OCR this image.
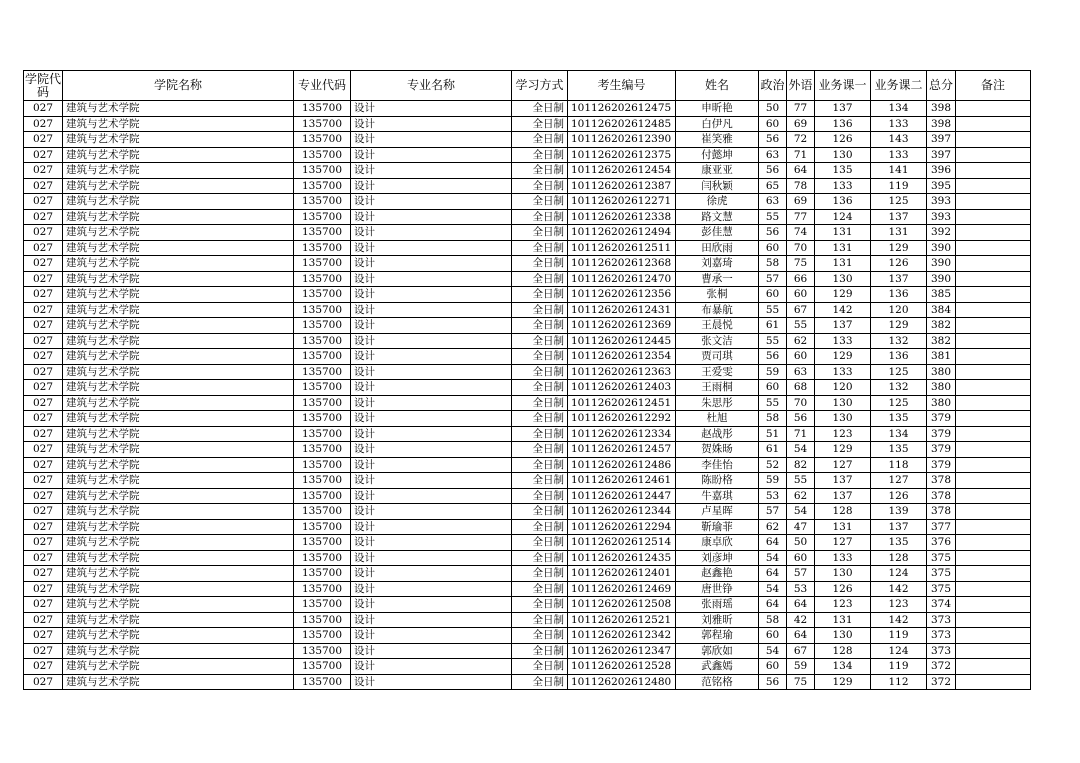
学院代码	学院名称	专业代码	专业名称	学习方式	考生编号	姓名	政治	外语	业务课一	业务课二	总分	备注
027	建筑与艺术学院	135700	设计	全日制	101126202612475	申昕艳	50	77	137	134	398	
027	建筑与艺术学院	135700	设计	全日制	101126202612485	白伊凡	60	69	136	133	398	
027	建筑与艺术学院	135700	设计	全日制	101126202612390	崔笑雅	56	72	126	143	397	
027	建筑与艺术学院	135700	设计	全日制	101126202612375	付懿坤	63	71	130	133	397	
027	建筑与艺术学院	135700	设计	全日制	101126202612454	康亚亚	56	64	135	141	396	
027	建筑与艺术学院	135700	设计	全日制	101126202612387	闫秋颖	65	78	133	119	395	
027	建筑与艺术学院	135700	设计	全日制	101126202612271	徐虎	63	69	136	125	393	
027	建筑与艺术学院	135700	设计	全日制	101126202612338	路文慧	55	77	124	137	393	
027	建筑与艺术学院	135700	设计	全日制	101126202612494	彭佳慧	56	74	131	131	392	
027	建筑与艺术学院	135700	设计	全日制	101126202612511	田欣雨	60	70	131	129	390	
027	建筑与艺术学院	135700	设计	全日制	101126202612368	刘嘉琦	58	75	131	126	390	
027	建筑与艺术学院	135700	设计	全日制	101126202612470	曹承一	57	66	130	137	390	
027	建筑与艺术学院	135700	设计	全日制	101126202612356	张桐	60	60	129	136	385	
027	建筑与艺术学院	135700	设计	全日制	101126202612431	布暴航	55	67	142	120	384	
027	建筑与艺术学院	135700	设计	全日制	101126202612369	王晨悦	61	55	137	129	382	
027	建筑与艺术学院	135700	设计	全日制	101126202612445	张文洁	55	62	133	132	382	
027	建筑与艺术学院	135700	设计	全日制	101126202612354	贾司琪	56	60	129	136	381	
027	建筑与艺术学院	135700	设计	全日制	101126202612363	王爱雯	59	63	133	125	380	
027	建筑与艺术学院	135700	设计	全日制	101126202612403	王雨桐	60	68	120	132	380	
027	建筑与艺术学院	135700	设计	全日制	101126202612451	朱思彤	55	70	130	125	380	
027	建筑与艺术学院	135700	设计	全日制	101126202612292	杜旭	58	56	130	135	379	
027	建筑与艺术学院	135700	设计	全日制	101126202612334	赵战彤	51	71	123	134	379	
027	建筑与艺术学院	135700	设计	全日制	101126202612457	贺姝旸	61	54	129	135	379	
027	建筑与艺术学院	135700	设计	全日制	101126202612486	李佳怡	52	82	127	118	379	
027	建筑与艺术学院	135700	设计	全日制	101126202612461	陈盼格	59	55	137	127	378	
027	建筑与艺术学院	135700	设计	全日制	101126202612447	牛嘉琪	53	62	137	126	378	
027	建筑与艺术学院	135700	设计	全日制	101126202612344	卢星晖	57	54	128	139	378	
027	建筑与艺术学院	135700	设计	全日制	101126202612294	靳瑜菲	62	47	131	137	377	
027	建筑与艺术学院	135700	设计	全日制	101126202612514	康卓欣	64	50	127	135	376	
027	建筑与艺术学院	135700	设计	全日制	101126202612435	刘彦坤	54	60	133	128	375	
027	建筑与艺术学院	135700	设计	全日制	101126202612401	赵鑫艳	64	57	130	124	375	
027	建筑与艺术学院	135700	设计	全日制	101126202612469	唐世铮	54	53	126	142	375	
027	建筑与艺术学院	135700	设计	全日制	101126202612508	张雨瑶	64	64	123	123	374	
027	建筑与艺术学院	135700	设计	全日制	101126202612521	刘雅昕	58	42	131	142	373	
027	建筑与艺术学院	135700	设计	全日制	101126202612342	郭程瑜	60	64	130	119	373	
027	建筑与艺术学院	135700	设计	全日制	101126202612347	郭欣如	54	67	128	124	373	
027	建筑与艺术学院	135700	设计	全日制	101126202612528	武鑫嫣	60	59	134	119	372	
027	建筑与艺术学院	135700	设计	全日制	101126202612480	范铭格	56	75	129	112	372	
